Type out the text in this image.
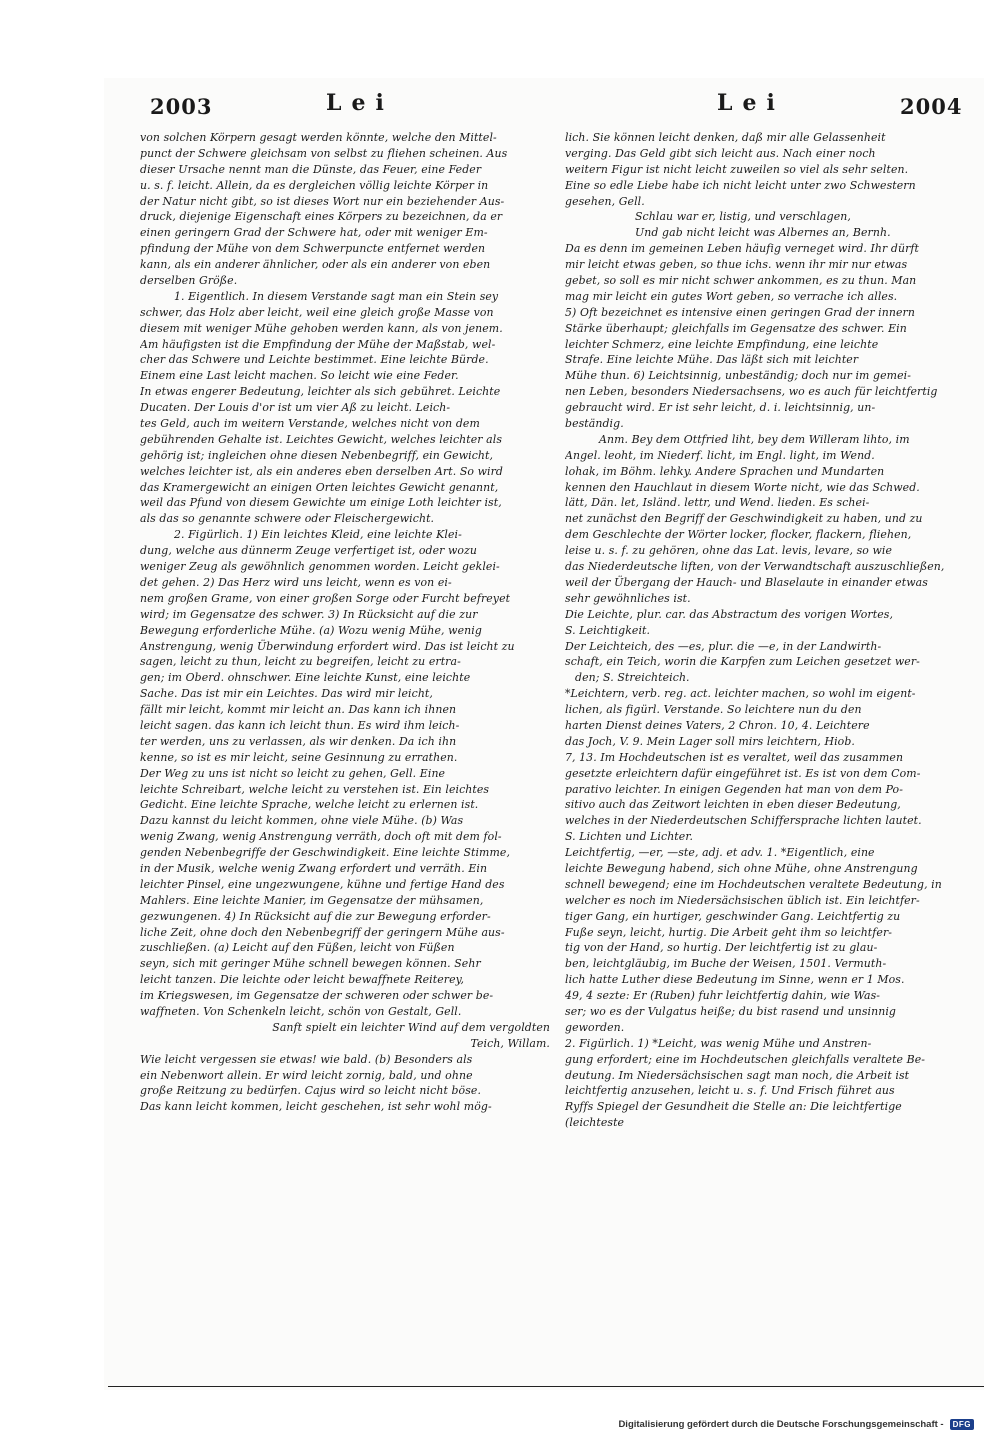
2003	Lei	Lei	2004
von solchen Körpern gesagt werden könnte, welche den Mittel-
punct der Schwere gleichsam von selbst zu fliehen scheinen. Aus
dieser Ursache nennt man die Dünste, das Feuer, eine Feder
u. s. f. leicht. Allein, da es dergleichen völlig leichte Körper in
der Natur nicht gibt, so ist dieses Wort nur ein beziehender Aus-
druck, diejenige Eigenschaft eines Körpers zu bezeichnen, da er
einen geringern Grad der Schwere hat, oder mit weniger Em-
pfindung der Mühe von dem Schwerpuncte entfernet werden
kann, als ein anderer ähnlicher, oder als ein anderer von eben
derselben Größe.
1. Eigentlich. In diesem Verstande sagt man ein Stein sey
schwer, das Holz aber leicht, weil eine gleich große Masse von
diesem mit weniger Mühe gehoben werden kann, als von jenem.
Am häufigsten ist die Empfindung der Mühe der Maßstab, wel-
cher das Schwere und Leichte bestimmet. Eine leichte Bürde.
Einem eine Last leicht machen. So leicht wie eine Feder.
In etwas engerer Bedeutung, leichter als sich gebühret. Leichte
Ducaten. Der Louis d'or ist um vier Aß zu leicht. Leich-
tes Geld, auch im weitern Verstande, welches nicht von dem
gebührenden Gehalte ist. Leichtes Gewicht, welches leichter als
gehörig ist; ingleichen ohne diesen Nebenbegriff, ein Gewicht,
welches leichter ist, als ein anderes eben derselben Art. So wird
das Kramergewicht an einigen Orten leichtes Gewicht genannt,
weil das Pfund von diesem Gewichte um einige Loth leichter ist,
als das so genannte schwere oder Fleischergewicht.
2. Figürlich. 1) Ein leichtes Kleid, eine leichte Klei-
dung, welche aus dünnerm Zeuge verfertiget ist, oder wozu
weniger Zeug als gewöhnlich genommen worden. Leicht geklei-
det gehen. 2) Das Herz wird uns leicht, wenn es von ei-
nem großen Grame, von einer großen Sorge oder Furcht befreyet
wird; im Gegensatze des schwer. 3) In Rücksicht auf die zur
Bewegung erforderliche Mühe. (a) Wozu wenig Mühe, wenig
Anstrengung, wenig Überwindung erfordert wird. Das ist leicht zu
sagen, leicht zu thun, leicht zu begreifen, leicht zu ertra-
gen; im Oberd. ohnschwer. Eine leichte Kunst, eine leichte
Sache. Das ist mir ein Leichtes. Das wird mir leicht,
fällt mir leicht, kommt mir leicht an. Das kann ich ihnen
leicht sagen. das kann ich leicht thun. Es wird ihm leich-
ter werden, uns zu verlassen, als wir denken. Da ich ihn
kenne, so ist es mir leicht, seine Gesinnung zu errathen.
Der Weg zu uns ist nicht so leicht zu gehen, Gell. Eine
leichte Schreibart, welche leicht zu verstehen ist. Ein leichtes
Gedicht. Eine leichte Sprache, welche leicht zu erlernen ist.
Dazu kannst du leicht kommen, ohne viele Mühe. (b) Was
wenig Zwang, wenig Anstrengung verräth, doch oft mit dem fol-
genden Nebenbegriffe der Geschwindigkeit. Eine leichte Stimme,
in der Musik, welche wenig Zwang erfordert und verräth. Ein
leichter Pinsel, eine ungezwungene, kühne und fertige Hand des
Mahlers. Eine leichte Manier, im Gegensatze der mühsamen,
gezwungenen. 4) In Rücksicht auf die zur Bewegung erforder-
liche Zeit, ohne doch den Nebenbegriff der geringern Mühe aus-
zuschließen. (a) Leicht auf den Füßen, leicht von Füßen
seyn, sich mit geringer Mühe schnell bewegen können. Sehr
leicht tanzen. Die leichte oder leicht bewaffnete Reiterey,
im Kriegswesen, im Gegensatze der schweren oder schwer be-
waffneten. Von Schenkeln leicht, schön von Gestalt, Gell.
Sanft spielt ein leichter Wind auf dem vergoldten
Teich, Willam.
Wie leicht vergessen sie etwas! wie bald. (b) Besonders als
ein Nebenwort allein. Er wird leicht zornig, bald, und ohne
große Reitzung zu bedürfen. Cajus wird so leicht nicht böse.
Das kann leicht kommen, leicht geschehen, ist sehr wohl mög-
lich. Sie können leicht denken, daß mir alle Gelassenheit
verging. Das Geld gibt sich leicht aus. Nach einer noch
weitern Figur ist nicht leicht zuweilen so viel als sehr selten.
Eine so edle Liebe habe ich nicht leicht unter zwo Schwestern
gesehen, Gell.
Schlau war er, listig, und verschlagen,
Und gab nicht leicht was Albernes an, Bernh.
Da es denn im gemeinen Leben häufig verneget wird. Ihr dürft
mir leicht etwas geben, so thue ichs. wenn ihr mir nur etwas
gebet, so soll es mir nicht schwer ankommen, es zu thun. Man
mag mir leicht ein gutes Wort geben, so verrache ich alles.
5) Oft bezeichnet es intensive einen geringen Grad der innern
Stärke überhaupt; gleichfalls im Gegensatze des schwer. Ein
leichter Schmerz, eine leichte Empfindung, eine leichte
Strafe. Eine leichte Mühe. Das läßt sich mit leichter
Mühe thun. 6) Leichtsinnig, unbeständig; doch nur im gemei-
nen Leben, besonders Niedersachsens, wo es auch für leichtfertig
gebraucht wird. Er ist sehr leicht, d. i. leichtsinnig, un-
beständig.
Anm. Bey dem Ottfried liht, bey dem Willeram lihto, im
Angel. leoht, im Niederf. licht, im Engl. light, im Wend.
lohak, im Böhm. lehky. Andere Sprachen und Mundarten
kennen den Hauchlaut in diesem Worte nicht, wie das Schwed.
lätt, Dän. let, Isländ. lettr, und Wend. lieden. Es schei-
net zunächst den Begriff der Geschwindigkeit zu haben, und zu
dem Geschlechte der Wörter locker, flocker, flackern, fliehen,
leise u. s. f. zu gehören, ohne das Lat. levis, levare, so wie
das Niederdeutsche liften, von der Verwandtschaft auszuschließen,
weil der Übergang der Hauch- und Blaselaute in einander etwas
sehr gewöhnliches ist.
Die Leichte, plur. car. das Abstractum des vorigen Wortes,
S. Leichtigkeit.
Der Leichteich, des —es, plur. die —e, in der Landwirth-
schaft, ein Teich, worin die Karpfen zum Leichen gesetzet wer-
den; S. Streichteich.
*Leichtern, verb. reg. act. leichter machen, so wohl im eigent-
lichen, als figürl. Verstande. So leichtere nun du den
harten Dienst deines Vaters, 2 Chron. 10, 4. Leichtere
das Joch, V. 9. Mein Lager soll mirs leichtern, Hiob.
7, 13. Im Hochdeutschen ist es veraltet, weil das zusammen
gesetzte erleichtern dafür eingeführet ist. Es ist von dem Com-
parativo leichter. In einigen Gegenden hat man von dem Po-
sitivo auch das Zeitwort leichten in eben dieser Bedeutung,
welches in der Niederdeutschen Schiffersprache lichten lautet.
S. Lichten und Lichter.
Leichtfertig, —er, —ste, adj. et adv. 1. *Eigentlich, eine
leichte Bewegung habend, sich ohne Mühe, ohne Anstrengung
schnell bewegend; eine im Hochdeutschen veraltete Bedeutung, in
welcher es noch im Niedersächsischen üblich ist. Ein leichtfer-
tiger Gang, ein hurtiger, geschwinder Gang. Leichtfertig zu
Fuße seyn, leicht, hurtig. Die Arbeit geht ihm so leichtfer-
tig von der Hand, so hurtig. Der leichtfertig ist zu glau-
ben, leichtgläubig, im Buche der Weisen, 1501. Vermuth-
lich hatte Luther diese Bedeutung im Sinne, wenn er 1 Mos.
49, 4 sezte: Er (Ruben) fuhr leichtfertig dahin, wie Was-
ser; wo es der Vulgatus heiße; du bist rasend und unsinnig
geworden.
2. Figürlich. 1) *Leicht, was wenig Mühe und Anstren-
gung erfordert; eine im Hochdeutschen gleichfalls veraltete Be-
deutung. Im Niedersächsischen sagt man noch, die Arbeit ist
leichtfertig anzusehen, leicht u. s. f. Und Frisch führet aus
Ryffs Spiegel der Gesundheit die Stelle an: Die leichtfertige
(leichteste
Digitalisierung gefördert durch die Deutsche Forschungsgemeinschaft -	DFG
